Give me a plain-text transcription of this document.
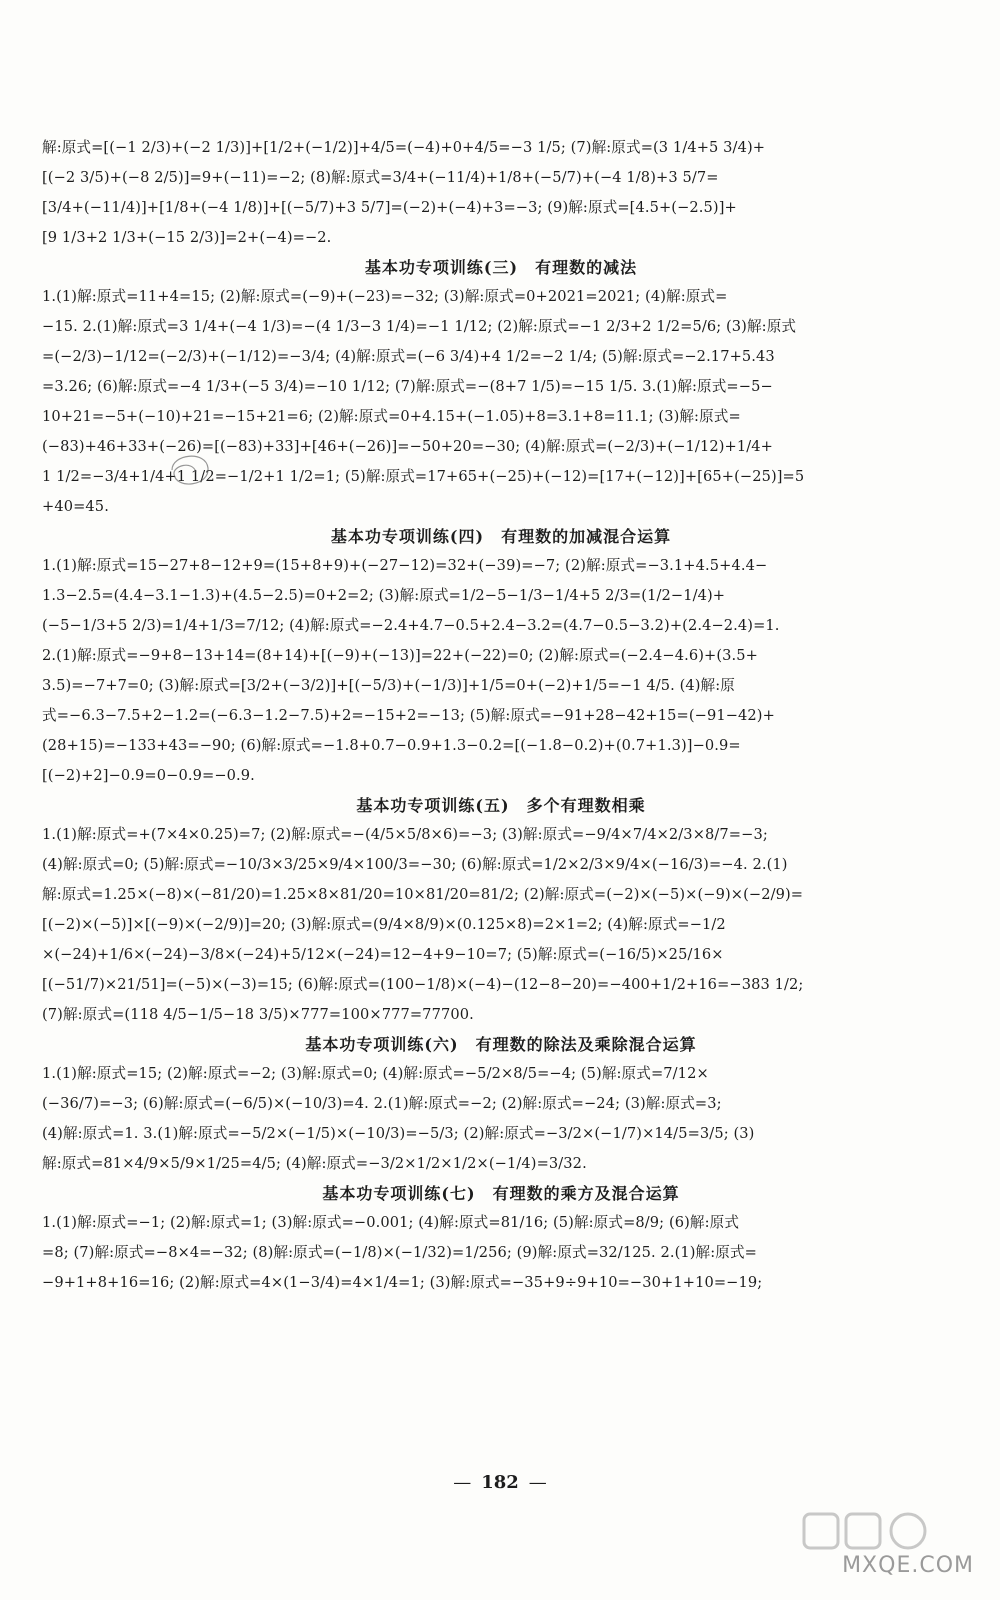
解:原式=[(−1 2/3)+(−2 1/3)]+[1/2+(−1/2)]+4/5=(−4)+0+4/5=−3 1/5; (7)解:原式=(3 1/4+5 3/4)+
[(−2 3/5)+(−8 2/5)]=9+(−11)=−2; (8)解:原式=3/4+(−11/4)+1/8+(−5/7)+(−4 1/8)+3 5/7=
[3/4+(−11/4)]+[1/8+(−4 1/8)]+[(−5/7)+3 5/7]=(−2)+(−4)+3=−3; (9)解:原式=[4.5+(−2.5)]+
[9 1/3+2 1/3+(−15 2/3)]=2+(−4)=−2.
基本功专项训练(三)　有理数的减法
1.(1)解:原式=11+4=15; (2)解:原式=(−9)+(−23)=−32; (3)解:原式=0+2021=2021; (4)解:原式=
−15. 2.(1)解:原式=3 1/4+(−4 1/3)=−(4 1/3−3 1/4)=−1 1/12; (2)解:原式=−1 2/3+2 1/2=5/6; (3)解:原式
=(−2/3)−1/12=(−2/3)+(−1/12)=−3/4; (4)解:原式=(−6 3/4)+4 1/2=−2 1/4; (5)解:原式=−2.17+5.43
=3.26; (6)解:原式=−4 1/3+(−5 3/4)=−10 1/12; (7)解:原式=−(8+7 1/5)=−15 1/5. 3.(1)解:原式=−5−
10+21=−5+(−10)+21=−15+21=6; (2)解:原式=0+4.15+(−1.05)+8=3.1+8=11.1; (3)解:原式=
(−83)+46+33+(−26)=[(−83)+33]+[46+(−26)]=−50+20=−30; (4)解:原式=(−2/3)+(−1/12)+1/4+
1 1/2=−3/4+1/4+1 1/2=−1/2+1 1/2=1; (5)解:原式=17+65+(−25)+(−12)=[17+(−12)]+[65+(−25)]=5
+40=45.
基本功专项训练(四)　有理数的加减混合运算
1.(1)解:原式=15−27+8−12+9=(15+8+9)+(−27−12)=32+(−39)=−7; (2)解:原式=−3.1+4.5+4.4−
1.3−2.5=(4.4−3.1−1.3)+(4.5−2.5)=0+2=2; (3)解:原式=1/2−5−1/3−1/4+5 2/3=(1/2−1/4)+
(−5−1/3+5 2/3)=1/4+1/3=7/12; (4)解:原式=−2.4+4.7−0.5+2.4−3.2=(4.7−0.5−3.2)+(2.4−2.4)=1.
2.(1)解:原式=−9+8−13+14=(8+14)+[(−9)+(−13)]=22+(−22)=0; (2)解:原式=(−2.4−4.6)+(3.5+
3.5)=−7+7=0; (3)解:原式=[3/2+(−3/2)]+[(−5/3)+(−1/3)]+1/5=0+(−2)+1/5=−1 4/5. (4)解:原
式=−6.3−7.5+2−1.2=(−6.3−1.2−7.5)+2=−15+2=−13; (5)解:原式=−91+28−42+15=(−91−42)+
(28+15)=−133+43=−90; (6)解:原式=−1.8+0.7−0.9+1.3−0.2=[(−1.8−0.2)+(0.7+1.3)]−0.9=
[(−2)+2]−0.9=0−0.9=−0.9.
基本功专项训练(五)　多个有理数相乘
1.(1)解:原式=+(7×4×0.25)=7; (2)解:原式=−(4/5×5/8×6)=−3; (3)解:原式=−9/4×7/4×2/3×8/7=−3;
(4)解:原式=0; (5)解:原式=−10/3×3/25×9/4×100/3=−30; (6)解:原式=1/2×2/3×9/4×(−16/3)=−4. 2.(1)
解:原式=1.25×(−8)×(−81/20)=1.25×8×81/20=10×81/20=81/2; (2)解:原式=(−2)×(−5)×(−9)×(−2/9)=
[(−2)×(−5)]×[(−9)×(−2/9)]=20; (3)解:原式=(9/4×8/9)×(0.125×8)=2×1=2; (4)解:原式=−1/2
×(−24)+1/6×(−24)−3/8×(−24)+5/12×(−24)=12−4+9−10=7; (5)解:原式=(−16/5)×25/16×
[(−51/7)×21/51]=(−5)×(−3)=15; (6)解:原式=(100−1/8)×(−4)−(12−8−20)=−400+1/2+16=−383 1/2;
(7)解:原式=(118 4/5−1/5−18 3/5)×777=100×777=77700.
基本功专项训练(六)　有理数的除法及乘除混合运算
1.(1)解:原式=15; (2)解:原式=−2; (3)解:原式=0; (4)解:原式=−5/2×8/5=−4; (5)解:原式=7/12×
(−36/7)=−3; (6)解:原式=(−6/5)×(−10/3)=4. 2.(1)解:原式=−2; (2)解:原式=−24; (3)解:原式=3;
(4)解:原式=1. 3.(1)解:原式=−5/2×(−1/5)×(−10/3)=−5/3; (2)解:原式=−3/2×(−1/7)×14/5=3/5; (3)
解:原式=81×4/9×5/9×1/25=4/5; (4)解:原式=−3/2×1/2×1/2×(−1/4)=3/32.
基本功专项训练(七)　有理数的乘方及混合运算
1.(1)解:原式=−1; (2)解:原式=1; (3)解:原式=−0.001; (4)解:原式=81/16; (5)解:原式=8/9; (6)解:原式
=8; (7)解:原式=−8×4=−32; (8)解:原式=(−1/8)×(−1/32)=1/256; (9)解:原式=32/125. 2.(1)解:原式=
−9+1+8+16=16; (2)解:原式=4×(1−3/4)=4×1/4=1; (3)解:原式=−35+9÷9+10=−30+1+10=−19;
— 182 —
MXQE.COM
